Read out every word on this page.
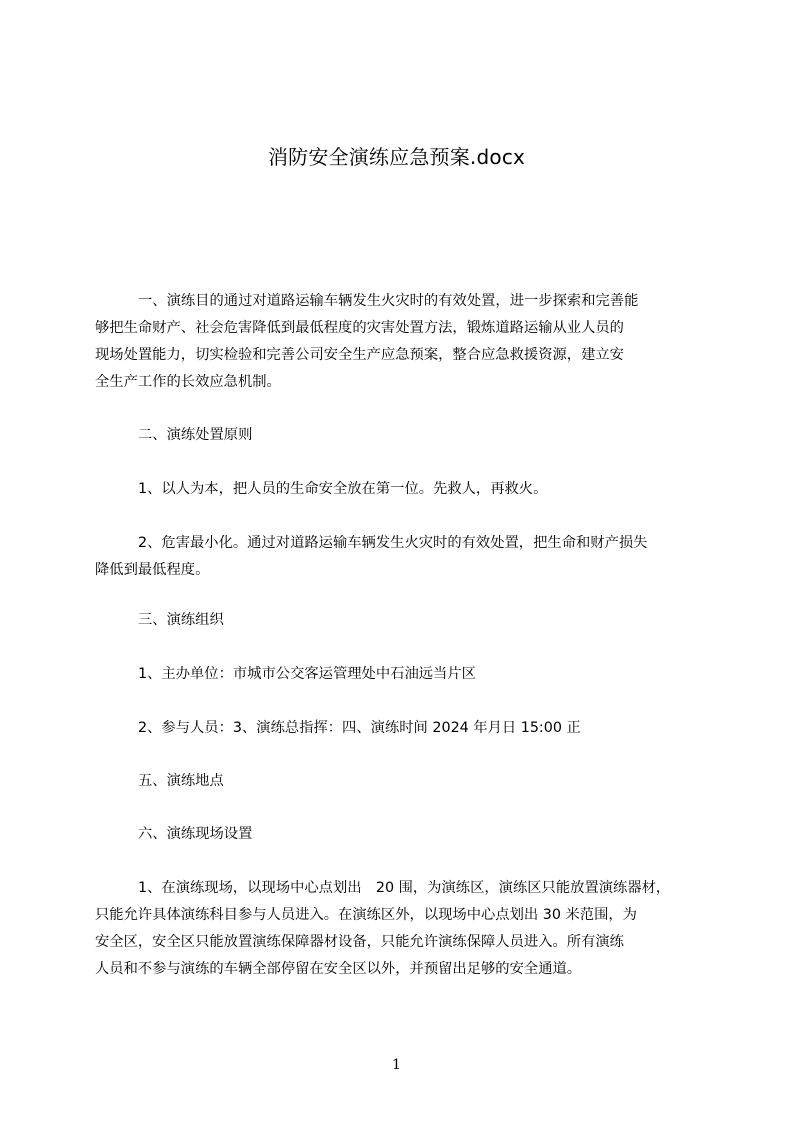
消防安全演练应急预案.docx
一、演练目的通过对道路运输车辆发生火灾时的有效处置，进一步探索和完善能
够把生命财产、社会危害降低到最低程度的灾害处置方法，锻炼道路运输从业人员的
现场处置能力，切实检验和完善公司安全生产应急预案，整合应急救援资源，建立安
全生产工作的长效应急机制。
二、演练处置原则
1、以人为本，把人员的生命安全放在第一位。先救人，再救火。
2、危害最小化。通过对道路运输车辆发生火灾时的有效处置，把生命和财产损失
降低到最低程度。
三、演练组织
1、主办单位：市城市公交客运管理处中石油远当片区
2、参与人员：3、演练总指挥：四、演练时间 2024 年月日 15:00 正
五、演练地点
六、演练现场设置
1、在演练现场，以现场中心点划出　20 围，为演练区，演练区只能放置演练器材，
只能允许具体演练科目参与人员进入。在演练区外，以现场中心点划出 30 米范围，为
安全区，安全区只能放置演练保障器材设备，只能允许演练保障人员进入。所有演练
人员和不参与演练的车辆全部停留在安全区以外，并预留出足够的安全通道。
1
